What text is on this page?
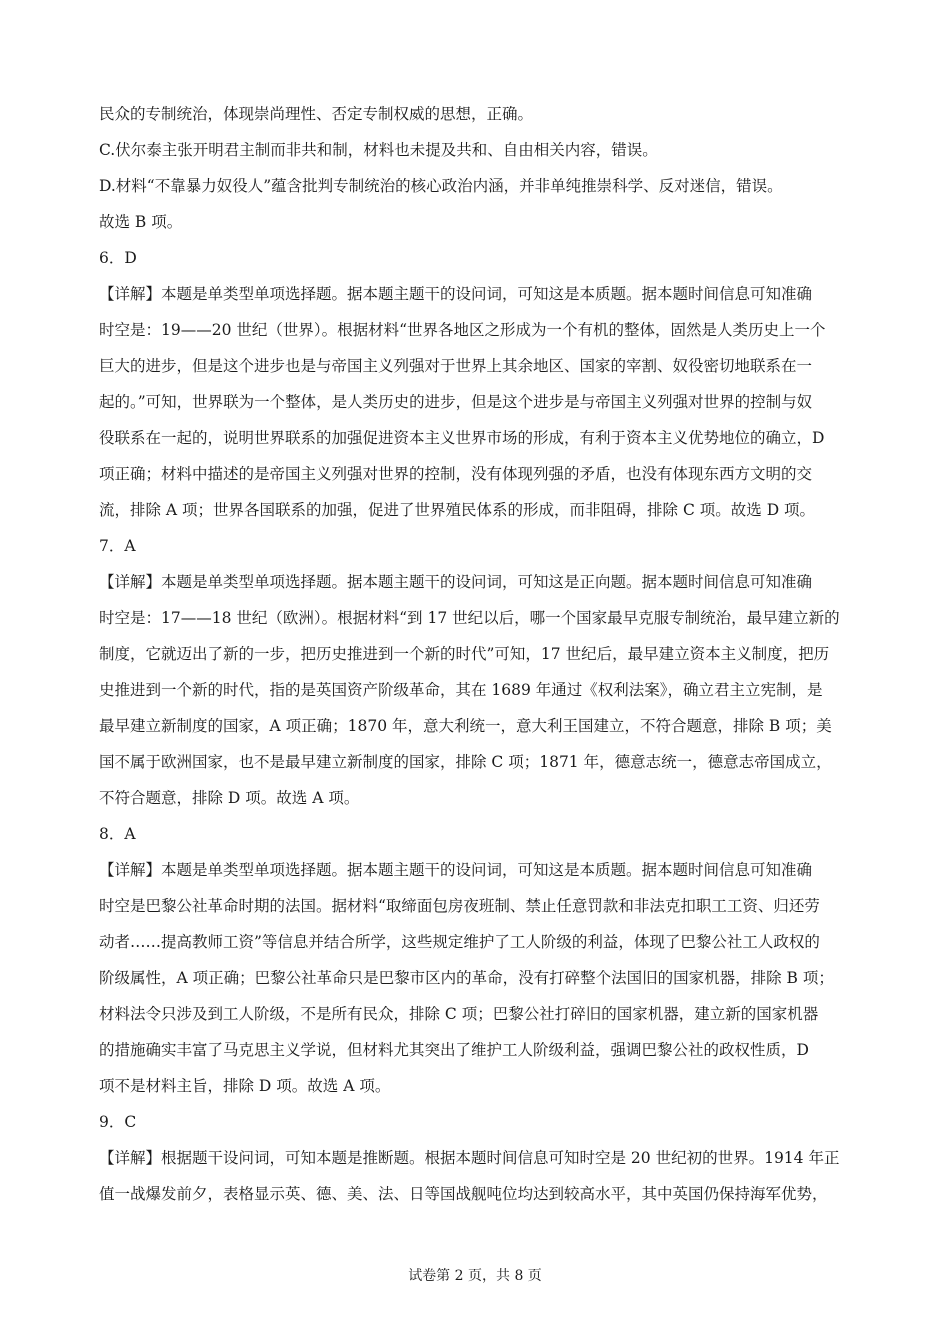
民众的专制统治，体现崇尚理性、否定专制权威的思想，正确。
C.伏尔泰主张开明君主制而非共和制，材料也未提及共和、自由相关内容，错误。
D.材料“不靠暴力奴役人”蕴含批判专制统治的核心政治内涵，并非单纯推崇科学、反对迷信，错误。
故选 B 项。
6．D
【详解】本题是单类型单项选择题。据本题主题干的设问词，可知这是本质题。据本题时间信息可知准确
时空是：19——20 世纪（世界）。根据材料“世界各地区之形成为一个有机的整体，固然是人类历史上一个
巨大的进步，但是这个进步也是与帝国主义列强对于世界上其余地区、国家的宰割、奴役密切地联系在一
起的。”可知，世界联为一个整体，是人类历史的进步，但是这个进步是与帝国主义列强对世界的控制与奴
役联系在一起的，说明世界联系的加强促进资本主义世界市场的形成，有利于资本主义优势地位的确立，D
项正确；材料中描述的是帝国主义列强对世界的控制，没有体现列强的矛盾，也没有体现东西方文明的交
流，排除 A 项；世界各国联系的加强，促进了世界殖民体系的形成，而非阻碍，排除 C 项。故选 D 项。
7．A
【详解】本题是单类型单项选择题。据本题主题干的设问词，可知这是正向题。据本题时间信息可知准确
时空是：17——18 世纪（欧洲）。根据材料“到 17 世纪以后，哪一个国家最早克服专制统治，最早建立新的
制度，它就迈出了新的一步，把历史推进到一个新的时代”可知，17 世纪后，最早建立资本主义制度，把历
史推进到一个新的时代，指的是英国资产阶级革命，其在 1689 年通过《权利法案》，确立君主立宪制，是
最早建立新制度的国家，A 项正确；1870 年，意大利统一，意大利王国建立，不符合题意，排除 B 项；美
国不属于欧洲国家，也不是最早建立新制度的国家，排除 C 项；1871 年，德意志统一，德意志帝国成立，
不符合题意，排除 D 项。故选 A 项。
8．A
【详解】本题是单类型单项选择题。据本题主题干的设问词，可知这是本质题。据本题时间信息可知准确
时空是巴黎公社革命时期的法国。据材料“取缔面包房夜班制、禁止任意罚款和非法克扣职工工资、归还劳
动者……提高教师工资”等信息并结合所学，这些规定维护了工人阶级的利益，体现了巴黎公社工人政权的
阶级属性，A 项正确；巴黎公社革命只是巴黎市区内的革命，没有打碎整个法国旧的国家机器，排除 B 项；
材料法令只涉及到工人阶级，不是所有民众，排除 C 项；巴黎公社打碎旧的国家机器，建立新的国家机器
的措施确实丰富了马克思主义学说，但材料尤其突出了维护工人阶级利益，强调巴黎公社的政权性质，D
项不是材料主旨，排除 D 项。故选 A 项。
9．C
【详解】根据题干设问词，可知本题是推断题。根据本题时间信息可知时空是 20 世纪初的世界。1914 年正
值一战爆发前夕，表格显示英、德、美、法、日等国战舰吨位均达到较高水平，其中英国仍保持海军优势，
试卷第 2 页，共 8 页
